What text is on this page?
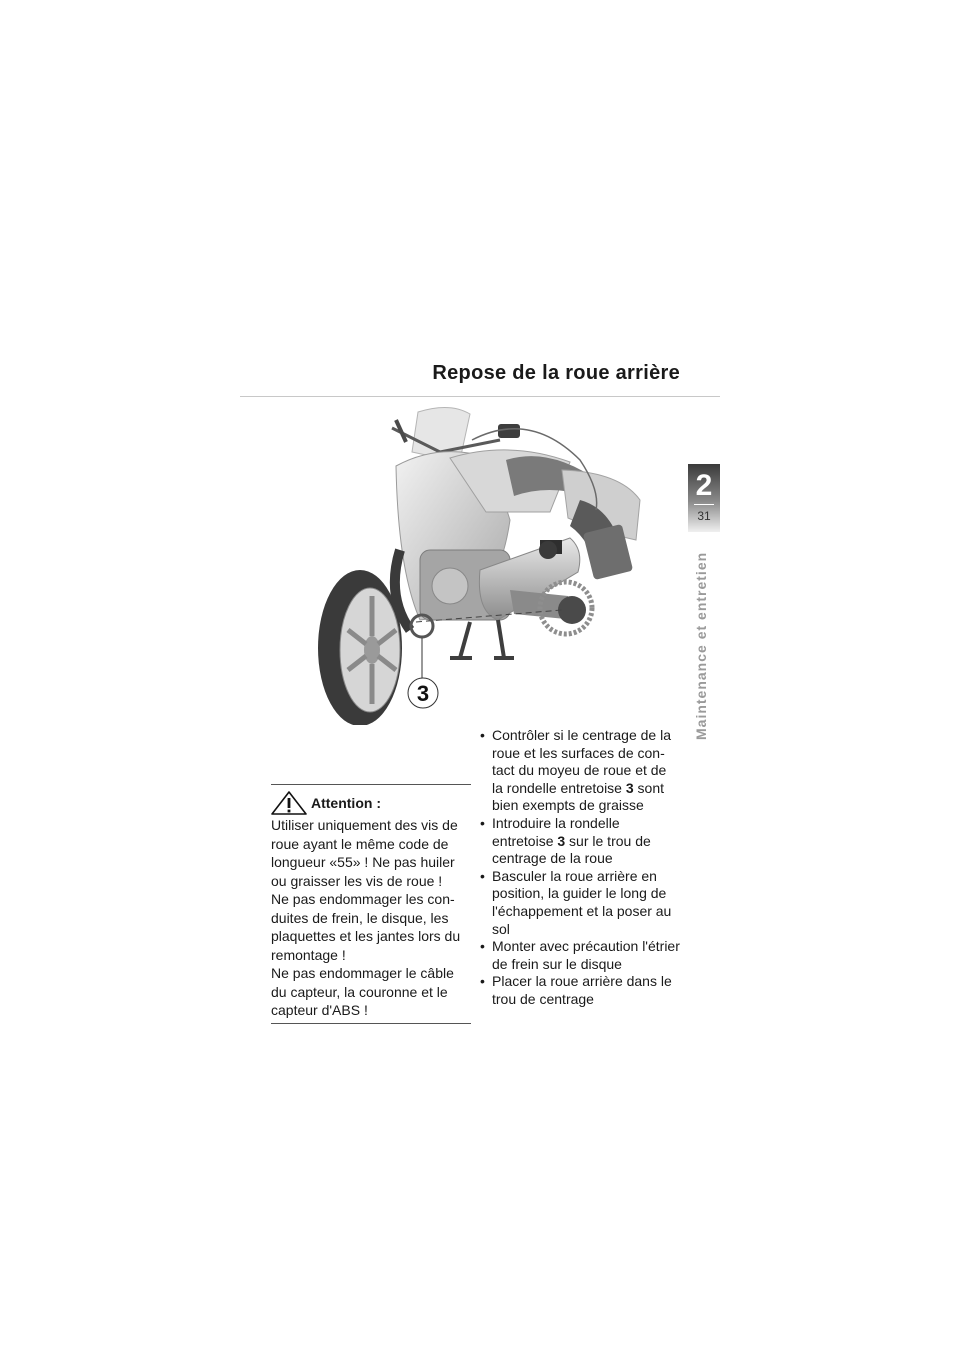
Repose de la roue arrière
2
31
Maintenance et entretien
3
Attention :

Utiliser uniquement des vis de roue ayant le même code de longueur «55» ! Ne pas huiler ou graisser les vis de roue !

Ne pas endommager les con-duites de frein, le disque, les plaquettes et les jantes lors du remontage !

Ne pas endommager le câble du capteur, la couronne et le capteur d'ABS !

• Contrôler si le centrage de la roue et les surfaces de con-tact du moyeu de roue et de la rondelle entretoise 3 sont bien exempts de graisse
• Introduire la rondelle entretoise 3 sur le trou de centrage de la roue
• Basculer la roue arrière en position, la guider le long de l'échappement et la poser au sol
• Monter avec précaution l'étrier de frein sur le disque
• Placer la roue arrière dans le trou de centrage
